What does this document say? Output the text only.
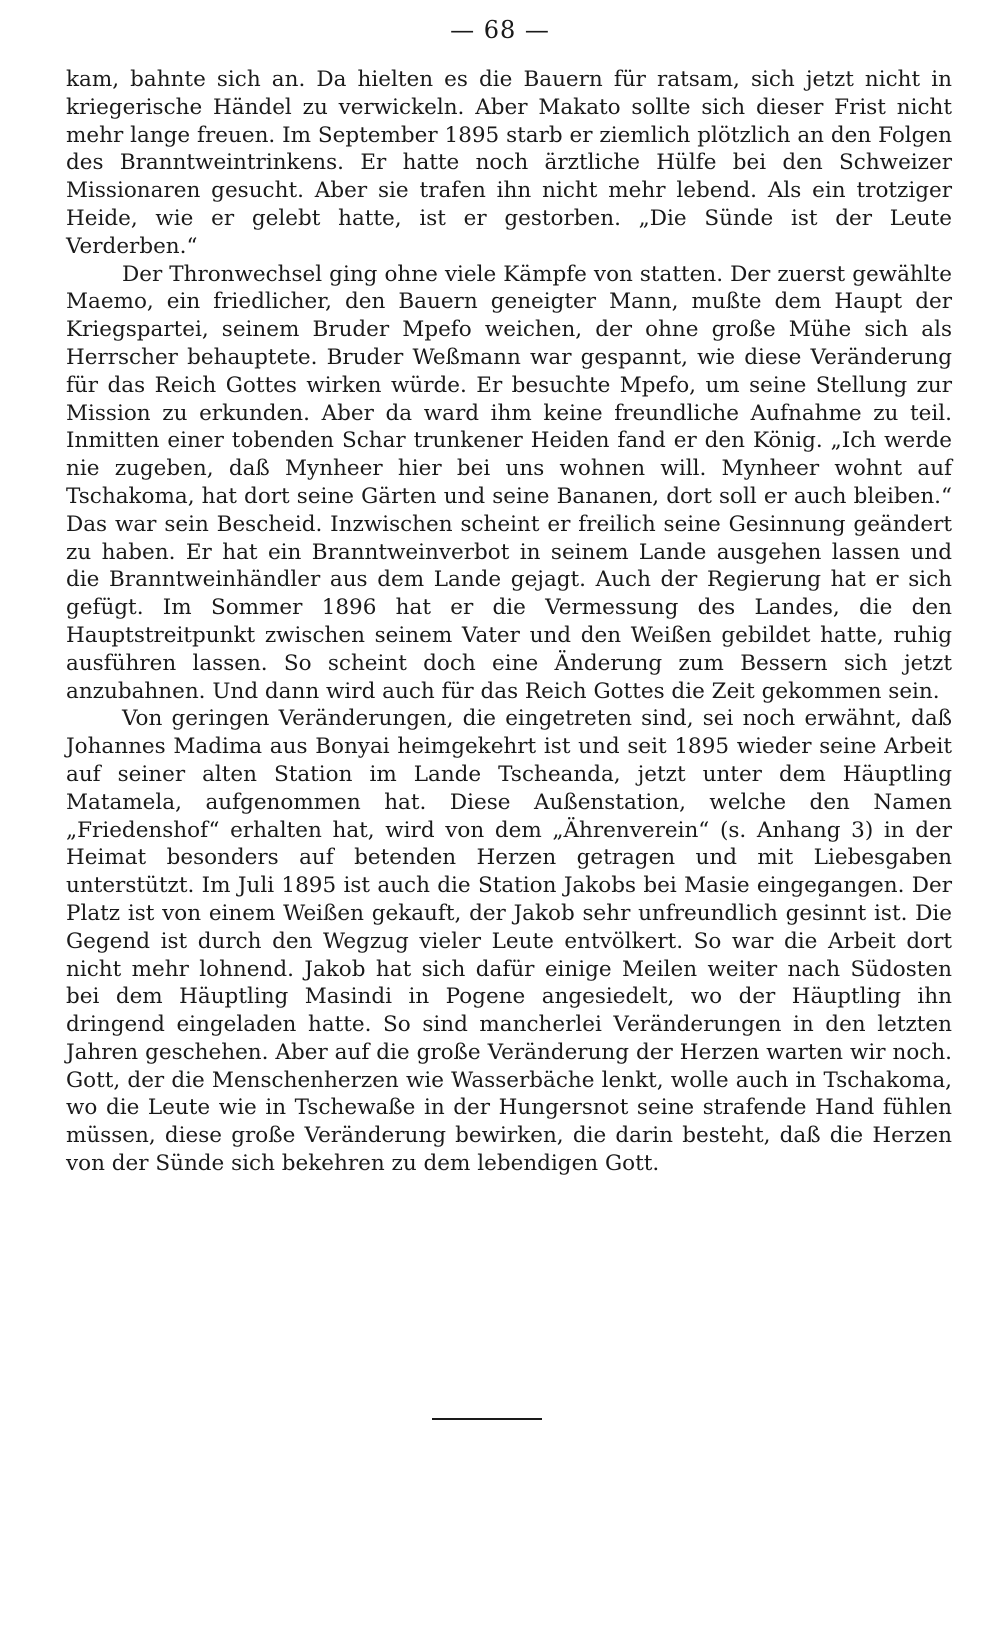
— 68 —

kam, bahnte sich an. Da hielten es die Bauern für ratsam, sich jetzt nicht in kriegerische Händel zu verwickeln. Aber Makato sollte sich dieser Frist nicht mehr lange freuen. Im September 1895 starb er ziemlich plötzlich an den Folgen des Branntweintrinkens. Er hatte noch ärztliche Hülfe bei den Schweizer Missionaren gesucht. Aber sie trafen ihn nicht mehr lebend. Als ein trotziger Heide, wie er gelebt hatte, ist er gestorben. „Die Sünde ist der Leute Verderben.“

Der Thronwechsel ging ohne viele Kämpfe von statten. Der zuerst gewählte Maemo, ein friedlicher, den Bauern geneigter Mann, mußte dem Haupt der Kriegspartei, seinem Bruder Mpefo weichen, der ohne große Mühe sich als Herrscher behauptete. Bruder Weßmann war gespannt, wie diese Veränderung für das Reich Gottes wirken würde. Er besuchte Mpefo, um seine Stellung zur Mission zu erkunden. Aber da ward ihm keine freundliche Aufnahme zu teil. Inmitten einer tobenden Schar trunkener Heiden fand er den König. „Ich werde nie zugeben, daß Mynheer hier bei uns wohnen will. Mynheer wohnt auf Tschakoma, hat dort seine Gärten und seine Bananen, dort soll er auch bleiben.“ Das war sein Bescheid. Inzwischen scheint er freilich seine Gesinnung geändert zu haben. Er hat ein Branntweinverbot in seinem Lande ausgehen lassen und die Branntweinhändler aus dem Lande gejagt. Auch der Regierung hat er sich gefügt. Im Sommer 1896 hat er die Vermessung des Landes, die den Hauptstreitpunkt zwischen seinem Vater und den Weißen gebildet hatte, ruhig ausführen lassen. So scheint doch eine Änderung zum Bessern sich jetzt anzubahnen. Und dann wird auch für das Reich Gottes die Zeit gekommen sein.

Von geringen Veränderungen, die eingetreten sind, sei noch erwähnt, daß Johannes Madima aus Bonyai heimgekehrt ist und seit 1895 wieder seine Arbeit auf seiner alten Station im Lande Tscheanda, jetzt unter dem Häuptling Matamela, aufgenommen hat. Diese Außenstation, welche den Namen „Friedenshof“ erhalten hat, wird von dem „Ährenverein“ (s. Anhang 3) in der Heimat besonders auf betenden Herzen getragen und mit Liebesgaben unterstützt. Im Juli 1895 ist auch die Station Jakobs bei Masie eingegangen. Der Platz ist von einem Weißen gekauft, der Jakob sehr unfreundlich gesinnt ist. Die Gegend ist durch den Wegzug vieler Leute entvölkert. So war die Arbeit dort nicht mehr lohnend. Jakob hat sich dafür einige Meilen weiter nach Südosten bei dem Häuptling Masindi in Pogene angesiedelt, wo der Häuptling ihn dringend eingeladen hatte. So sind mancherlei Veränderungen in den letzten Jahren geschehen. Aber auf die große Veränderung der Herzen warten wir noch. Gott, der die Menschenherzen wie Wasserbäche lenkt, wolle auch in Tschakoma, wo die Leute wie in Tschewaße in der Hungersnot seine strafende Hand fühlen müssen, diese große Veränderung bewirken, die darin besteht, daß die Herzen von der Sünde sich bekehren zu dem lebendigen Gott.
